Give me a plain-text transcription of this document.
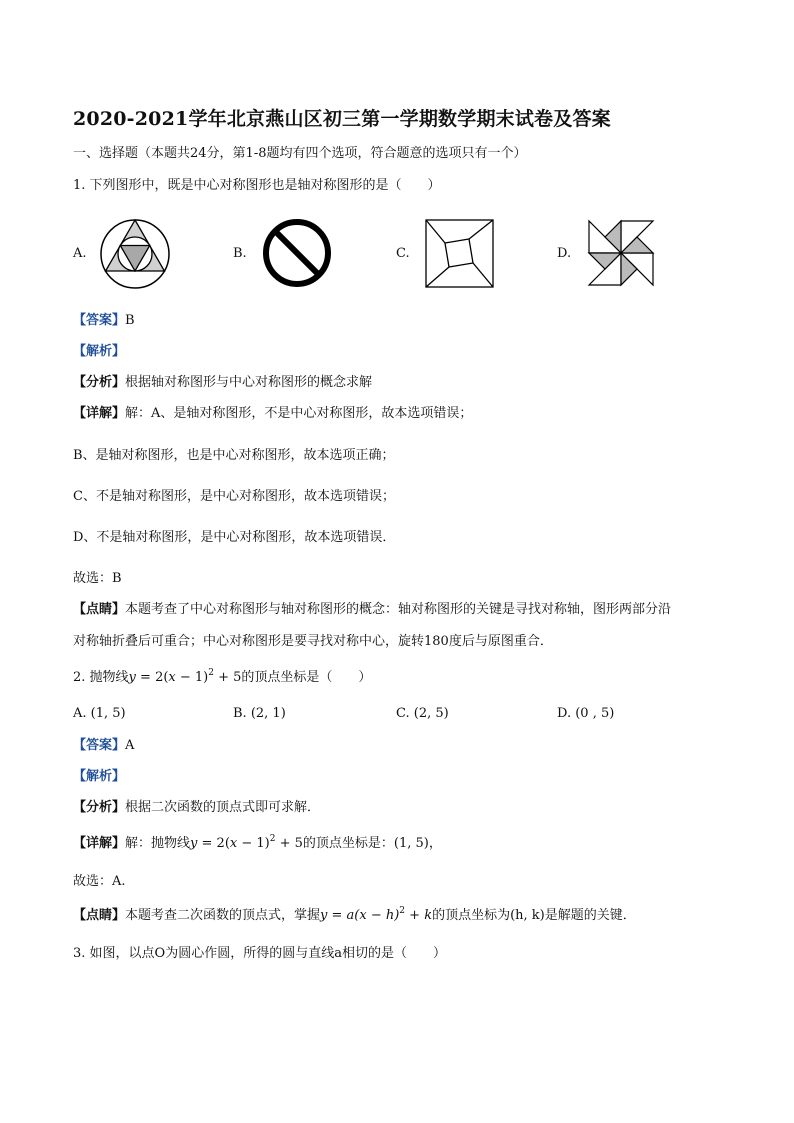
2020-2021学年北京燕山区初三第一学期数学期末试卷及答案
一、选择题（本题共24分，第1-8题均有四个选项，符合题意的选项只有一个）
1. 下列图形中，既是中心对称图形也是轴对称图形的是（　　）
A.	B.	C.	D.
【答案】B
【解析】
【分析】根据轴对称图形与中心对称图形的概念求解
【详解】解：A、是轴对称图形，不是中心对称图形，故本选项错误；
B、是轴对称图形，也是中心对称图形，故本选项正确；
C、不是轴对称图形，是中心对称图形，故本选项错误；
D、不是轴对称图形，是中心对称图形，故本选项错误．
故选：B
【点睛】本题考查了中心对称图形与轴对称图形的概念：轴对称图形的关键是寻找对称轴，图形两部分沿
对称轴折叠后可重合；中心对称图形是要寻找对称中心，旋转180度后与原图重合．
2. 抛物线$y = 2(x - 1)^2 + 5$的顶点坐标是（　　）
A. (1, 5)	B. (2, 1)	C. (2, 5)	D. (0 , 5)
【答案】A
【解析】
【分析】根据二次函数的顶点式即可求解．
【详解】解：抛物线$y = 2(x - 1)^2 + 5$的顶点坐标是：(1, 5)，
故选：A.
【点睛】本题考查二次函数的顶点式，掌握$y = a(x - h)^2 + k$的顶点坐标为(h, k)是解题的关键．
3. 如图，以点O为圆心作圆，所得的圆与直线a相切的是（　　）
